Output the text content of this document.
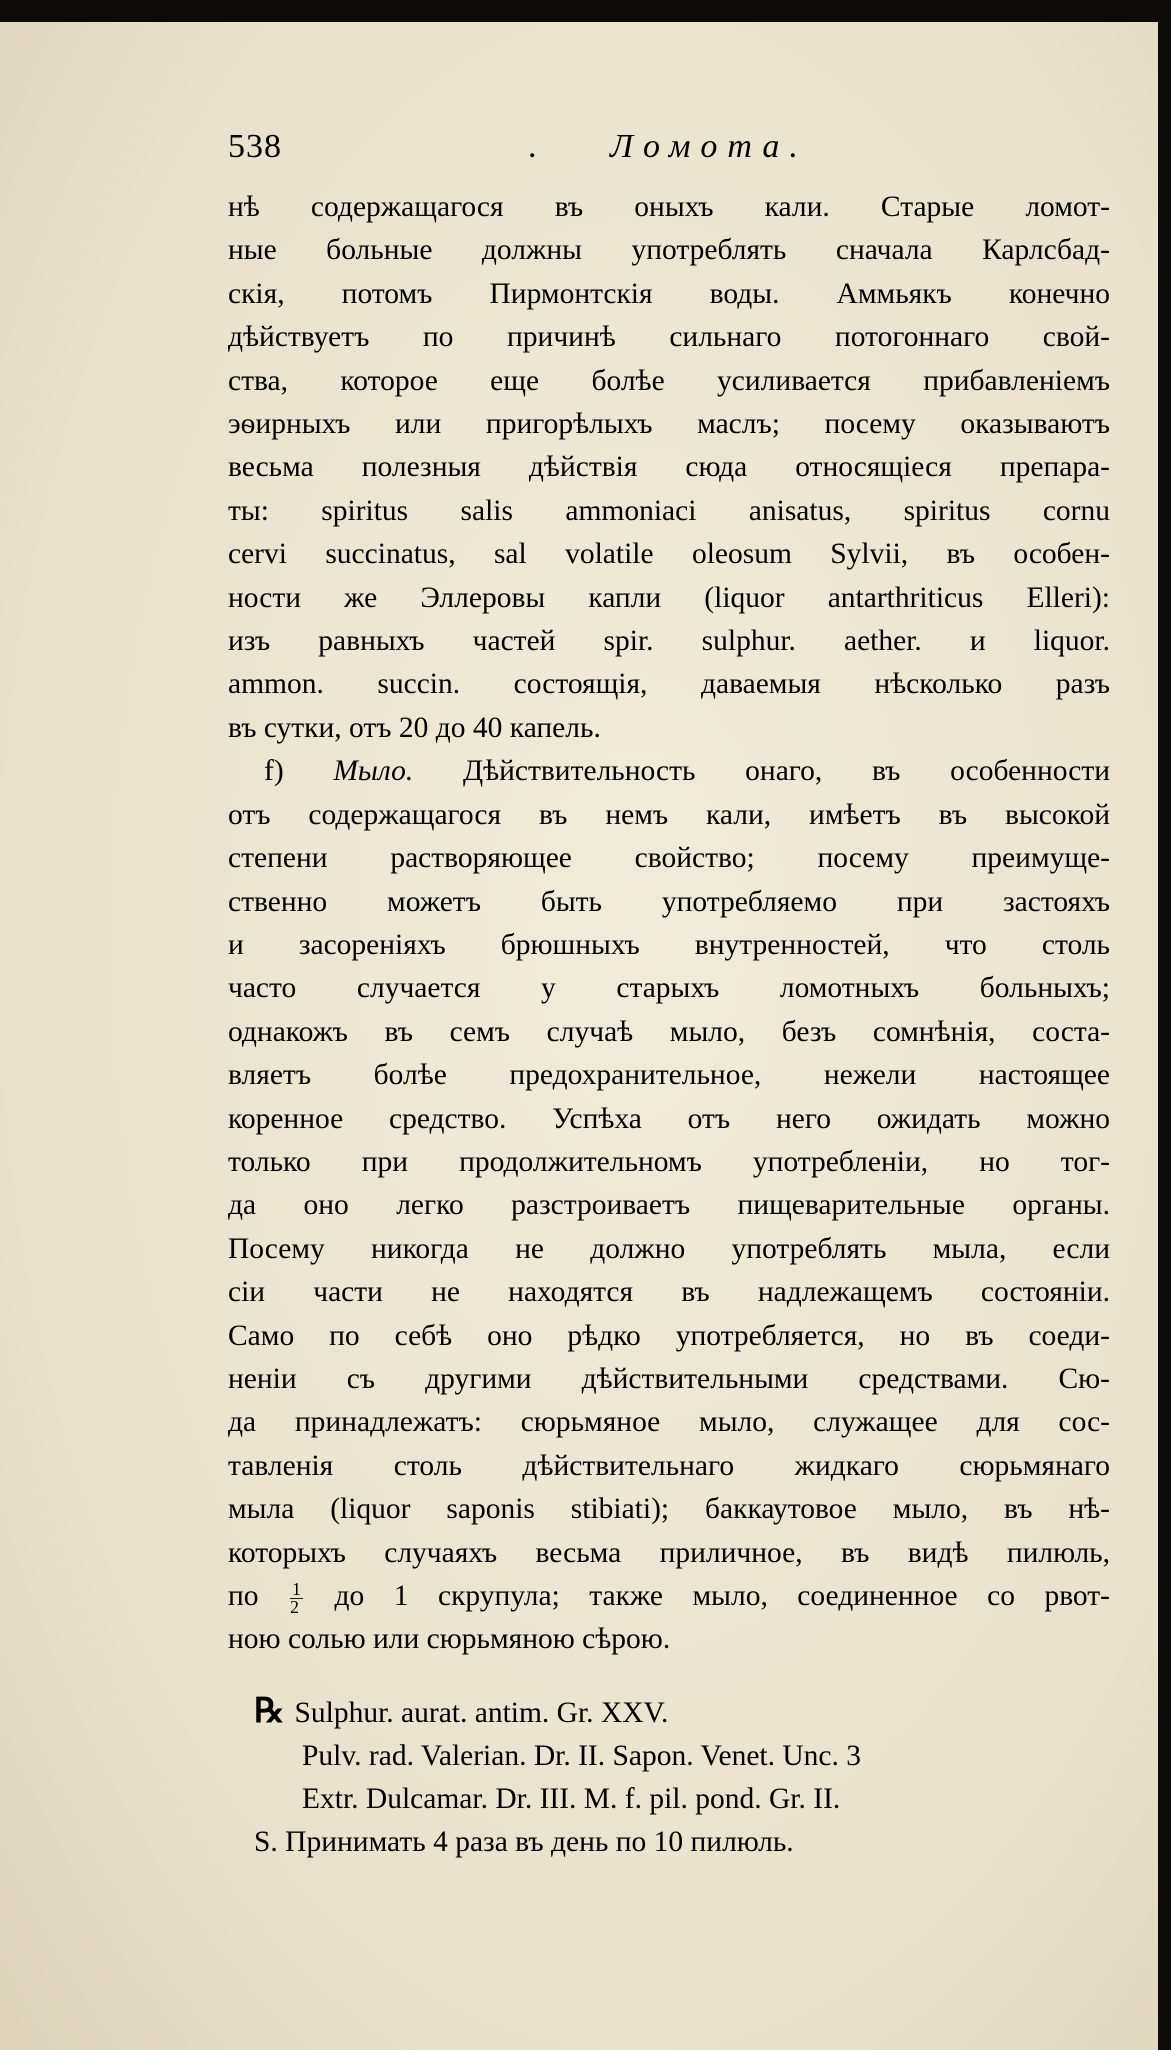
538	. Ломота.

нѣ содержащагося въ оныхъ кали. Старые ломот-

ные больные должны употреблять сначала Карлсбад-

скія, потомъ Пирмонтскія воды. Аммьякъ конечно

дѣйствуетъ по причинѣ сильнаго потогоннаго свой-

ства, которое еще болѣе усиливается прибавленіемъ

эѳирныхъ или пригорѣлыхъ маслъ; посему оказываютъ

весьма полезныя дѣйствія сюда относящіеся препара-

ты: spiritus salis ammoniaci anisatus, spiritus cornu

cervi succinatus, sal volatile oleosum Sylvii, въ особен-

ности же Эллеровы капли (liquor antarthriticus Elleri):

изъ равныхъ частей spir. sulphur. aether. и liquor.

ammon. succin. состоящія, даваемыя нѣсколько разъ

въ сутки, отъ 20 до 40 капель.

f) Мыло. Дѣйствительность онаго, въ особенности

отъ содержащагося въ немъ кали, имѣетъ въ высокой

степени растворяющее свойство; посему преимуще-

ственно можетъ быть употребляемо при застояхъ

и засореніяхъ брюшныхъ внутренностей, что столь

часто случается у старыхъ ломотныхъ больныхъ;

однакожъ въ семъ случаѣ мыло, безъ сомнѣнія, соста-

вляетъ болѣе предохранительное, нежели настоящее

коренное средство. Успѣха отъ него ожидать можно

только при продолжительномъ употребленіи, но тог-

да оно легко разстроиваетъ пищеварительные органы.

Посему никогда не должно употреблять мыла, если

сіи части не находятся въ надлежащемъ состояніи.

Само по себѣ оно рѣдко употребляется, но въ соеди-

неніи съ другими дѣйствительными средствами. Сю-

да принадлежатъ: сюрьмяное мыло, служащее для сос-

тавленія столь дѣйствительнаго жидкаго сюрьмянаго

мыла (liquor saponis stibiati); баккаутовое мыло, въ нѣ-

которыхъ случаяхъ весьма приличное, въ видѣ пилюль,

по $\frac{1}{2}$ до 1 скрупула; также мыло, соединенное со рвот-

ною солью или сюрьмяною сѣрою.

℞ Sulphur. aurat. antim. Gr. XXV.
Pulv. rad. Valerian. Dr. II. Sapon. Venet. Unc. 3
Extr. Dulcamar. Dr. III. M. f. pil. pond. Gr. II.
S. Принимать 4 раза въ день по 10 пилюль.
